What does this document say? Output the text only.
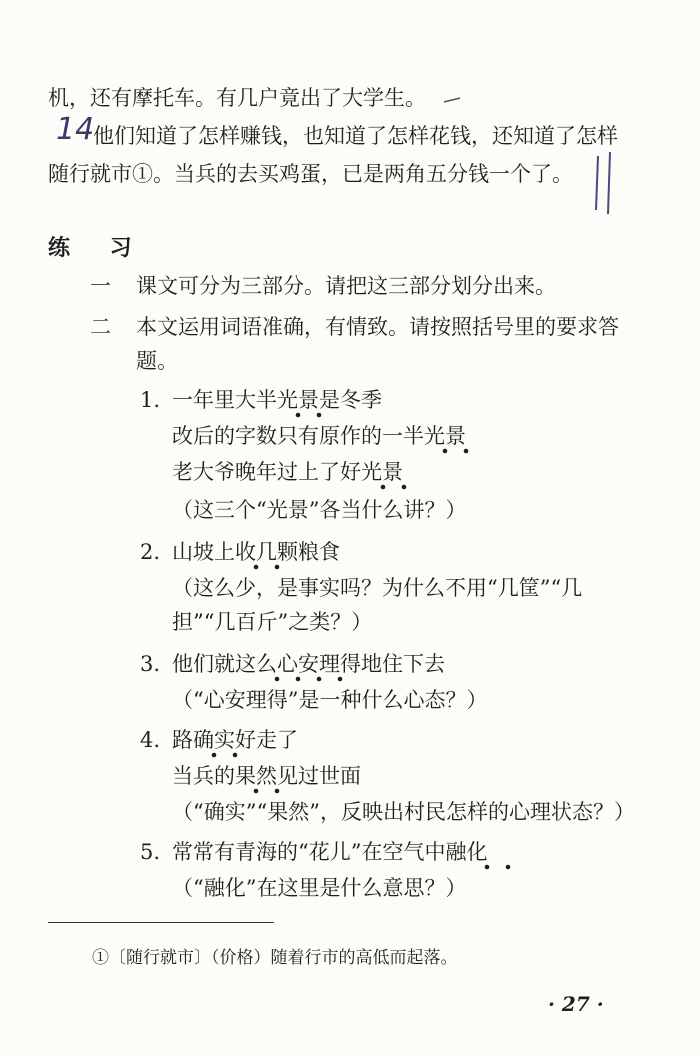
机，还有摩托车。有几户竟出了大学生。
他们知道了怎样赚钱，也知道了怎样花钱，还知道了怎样
随行就市①。当兵的去买鸡蛋，已是两角五分钱一个了。
14
练 习
一 课文可分为三部分。请把这三部分划分出来。
二 本文运用词语准确，有情致。请按照括号里的要求答
题。
1. 一年里大半光景是冬季
改后的字数只有原作的一半光景
老大爷晚年过上了好光景
（这三个“光景”各当什么讲？）
2. 山坡上收几颗粮食
（这么少，是事实吗？为什么不用“几筐”“几
担”“几百斤”之类？）
3. 他们就这么心安理得地住下去
（“心安理得”是一种什么心态？）
4. 路确实好走了
当兵的果然见过世面
（“确实”“果然”，反映出村民怎样的心理状态？）
5. 常常有青海的“花儿”在空气中融化
（“融化”在这里是什么意思？）
①〔随行就市〕（价格）随着行市的高低而起落。
· 27 ·
